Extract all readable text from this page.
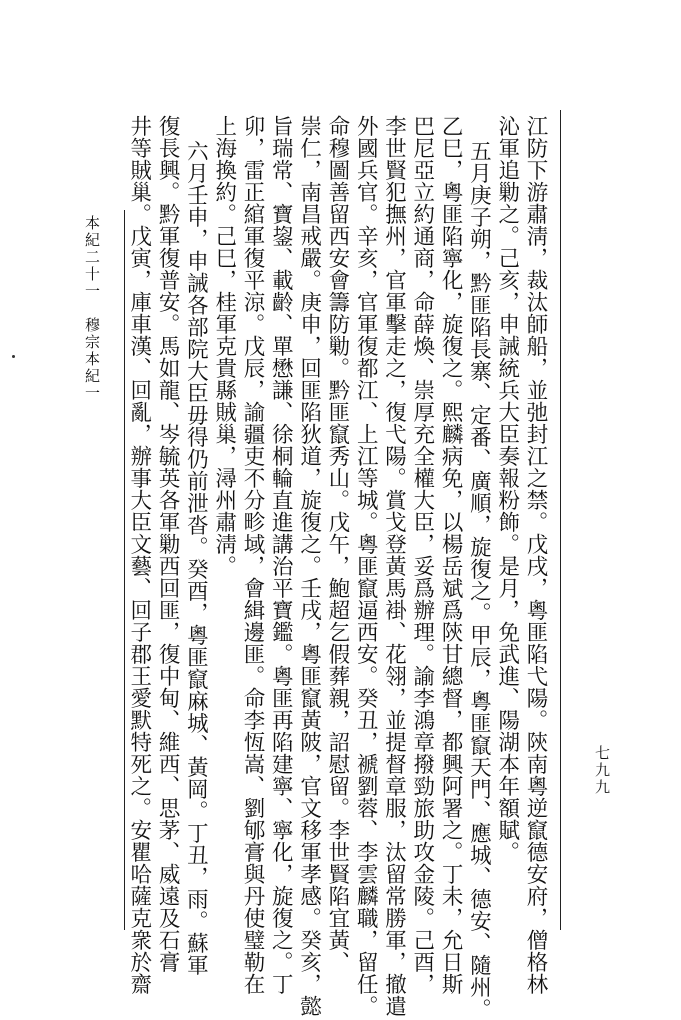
本紀二十一　穆宗本紀一
七九九
江防下游肅淸，裁汰師船，並弛封江之禁。戊戌，粵匪陷弋陽。陝南粵逆竄德安府，僧格林
沁軍追勦之。己亥，申誡統兵大臣奏報粉飾。是月，免武進、陽湖本年額賦。
五月庚子朔，黔匪陷長寨、定番、廣順，旋復之。甲辰，粵匪竄天門、應城、德安、隨州。
乙巳，粵匪陷寧化，旋復之。熙麟病免，以楊岳斌爲陝甘總督，都興阿署之。丁未，允日斯
巴尼亞立約通商，命薛煥、崇厚充全權大臣，妥爲辦理。諭李鴻章撥勁旅助攻金陵。己酉，
李世賢犯撫州，官軍擊走之，復弋陽。賞戈登黃馬褂、花翎，並提督章服，汰留常勝軍，撤遣
外國兵官。辛亥，官軍復都江、上江等城。粵匪竄逼西安。癸丑，褫劉蓉、李雲麟職，留任。
命穆圖善留西安會籌防勦。黔匪竄秀山。戊午，鮑超乞假葬親，詔慰留。李世賢陷宜黃、
崇仁，南昌戒嚴。庚申，回匪陷狄道，旋復之。壬戌，粵匪竄黃陂，官文移軍孝感。癸亥，懿
旨瑞常、寶鋆、載齡、單懋謙、徐桐輪直進講治平寶鑑。粵匪再陷建寧、寧化，旋復之。丁
卯，雷正綰軍復平涼。戊辰，諭疆吏不分畛域，會緝邊匪。命李恆嵩、劉郇膏與丹使璧勒在
上海換約。己巳，桂軍克貴縣賊巢，潯州肅淸。
六月壬申，申誡各部院大臣毋得仍前泄沓。癸酉，粵匪竄麻城、黃岡。丁丑，雨。蘇軍
復長興。黔軍復普安。馬如龍、岑毓英各軍勦西回匪，復中甸、維西、思茅、威遠及石膏
井等賊巢。戊寅，庫車漢、回亂，辦事大臣文藝、回子郡王愛默特死之。安瞿哈薩克衆於齋
